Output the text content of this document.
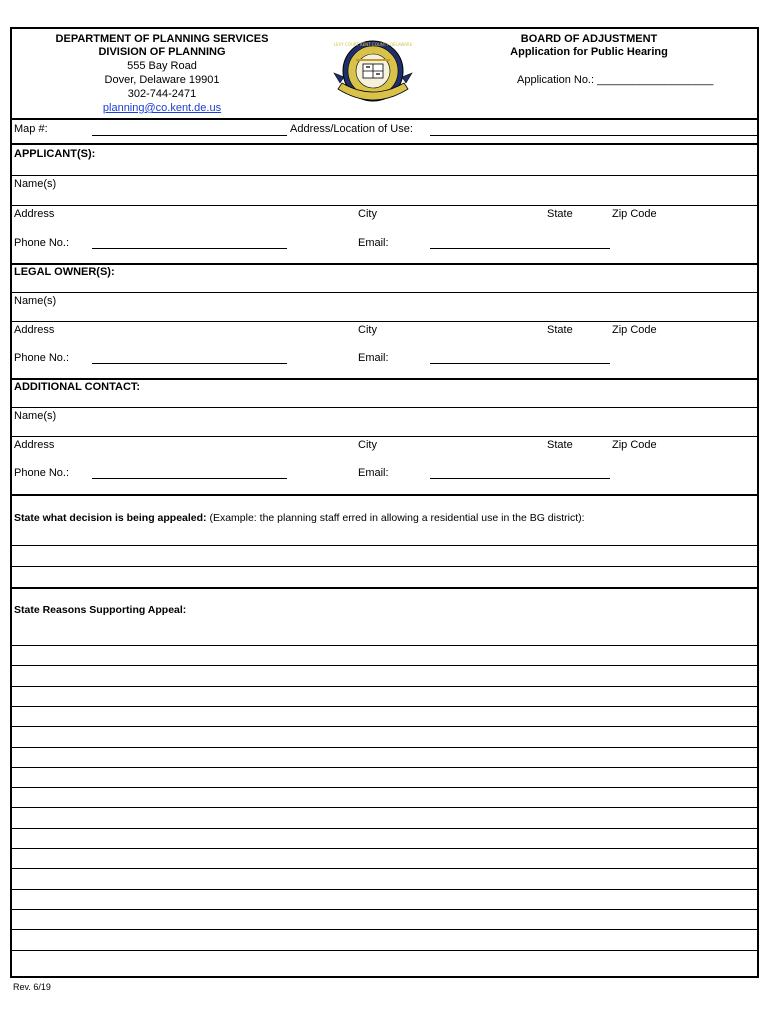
DEPARTMENT OF PLANNING SERVICES
DIVISION OF PLANNING
555 Bay Road
Dover, Delaware 19901
302-744-2471
planning@co.kent.de.us
LEVY COURT KENT COUNTY DELAWARE	BOARD OF ADJUSTMENT
Application for Public Hearing
Application No.: ___________________
Map #:	Address/Location of Use:
APPLICANT(S):
Name(s)
Address	City	State	Zip Code
Phone No.:	Email:
LEGAL OWNER(S):
Name(s)
Address	City	State	Zip Code
Phone No.:	Email:
ADDITIONAL CONTACT:
Name(s)
Address	City	State	Zip Code
Phone No.:	Email:
State what decision is being appealed: (Example: the planning staff erred in allowing a residential use in the BG district):
State Reasons Supporting Appeal:
Rev. 6/19
